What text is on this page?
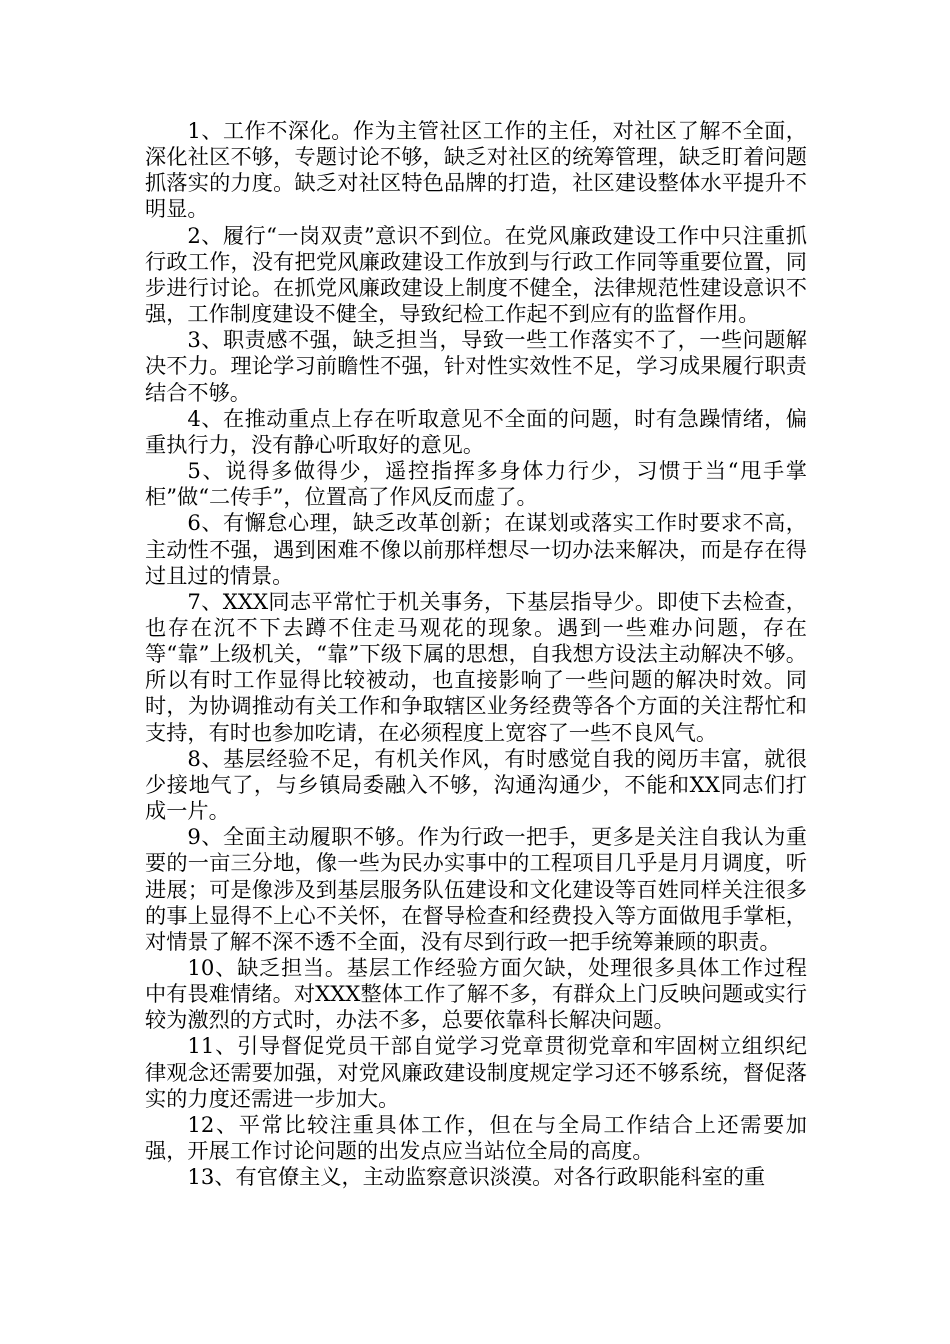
1、工作不深化。作为主管社区工作的主任，对社区了解不全面，深化社区不够，专题讨论不够，缺乏对社区的统筹管理，缺乏盯着问题抓落实的力度。缺乏对社区特色品牌的打造，社区建设整体水平提升不明显。

2、履行“一岗双责”意识不到位。在党风廉政建设工作中只注重抓行政工作，没有把党风廉政建设工作放到与行政工作同等重要位置，同步进行讨论。在抓党风廉政建设上制度不健全，法律规范性建设意识不强，工作制度建设不健全，导致纪检工作起不到应有的监督作用。

3、职责感不强，缺乏担当，导致一些工作落实不了，一些问题解决不力。理论学习前瞻性不强，针对性实效性不足，学习成果履行职责结合不够。

4、在推动重点上存在听取意见不全面的问题，时有急躁情绪，偏重执行力，没有静心听取好的意见。

5、说得多做得少，遥控指挥多身体力行少，习惯于当“甩手掌柜”做“二传手”，位置高了作风反而虚了。

6、有懈怠心理，缺乏改革创新；在谋划或落实工作时要求不高，主动性不强，遇到困难不像以前那样想尽一切办法来解决，而是存在得过且过的情景。

7、XXX同志平常忙于机关事务，下基层指导少。即使下去检查，也存在沉不下去蹲不住走马观花的现象。遇到一些难办问题，存在等“靠”上级机关，“靠”下级下属的思想，自我想方设法主动解决不够。所以有时工作显得比较被动，也直接影响了一些问题的解决时效。同时，为协调推动有关工作和争取辖区业务经费等各个方面的关注帮忙和支持，有时也参加吃请，在必须程度上宽容了一些不良风气。

8、基层经验不足，有机关作风，有时感觉自我的阅历丰富，就很少接地气了，与乡镇局委融入不够，沟通沟通少，不能和XX同志们打成一片。

9、全面主动履职不够。作为行政一把手，更多是关注自我认为重要的一亩三分地，像一些为民办实事中的工程项目几乎是月月调度，听进展；可是像涉及到基层服务队伍建设和文化建设等百姓同样关注很多的事上显得不上心不关怀，在督导检查和经费投入等方面做甩手掌柜，对情景了解不深不透不全面，没有尽到行政一把手统筹兼顾的职责。

10、缺乏担当。基层工作经验方面欠缺，处理很多具体工作过程中有畏难情绪。对XXX整体工作了解不多，有群众上门反映问题或实行较为激烈的方式时，办法不多，总要依靠科长解决问题。

11、引导督促党员干部自觉学习党章贯彻党章和牢固树立组织纪律观念还需要加强，对党风廉政建设制度规定学习还不够系统，督促落实的力度还需进一步加大。

12、平常比较注重具体工作，但在与全局工作结合上还需要加强，开展工作讨论问题的出发点应当站位全局的高度。

13、有官僚主义，主动监察意识淡漠。对各行政职能科室的重
